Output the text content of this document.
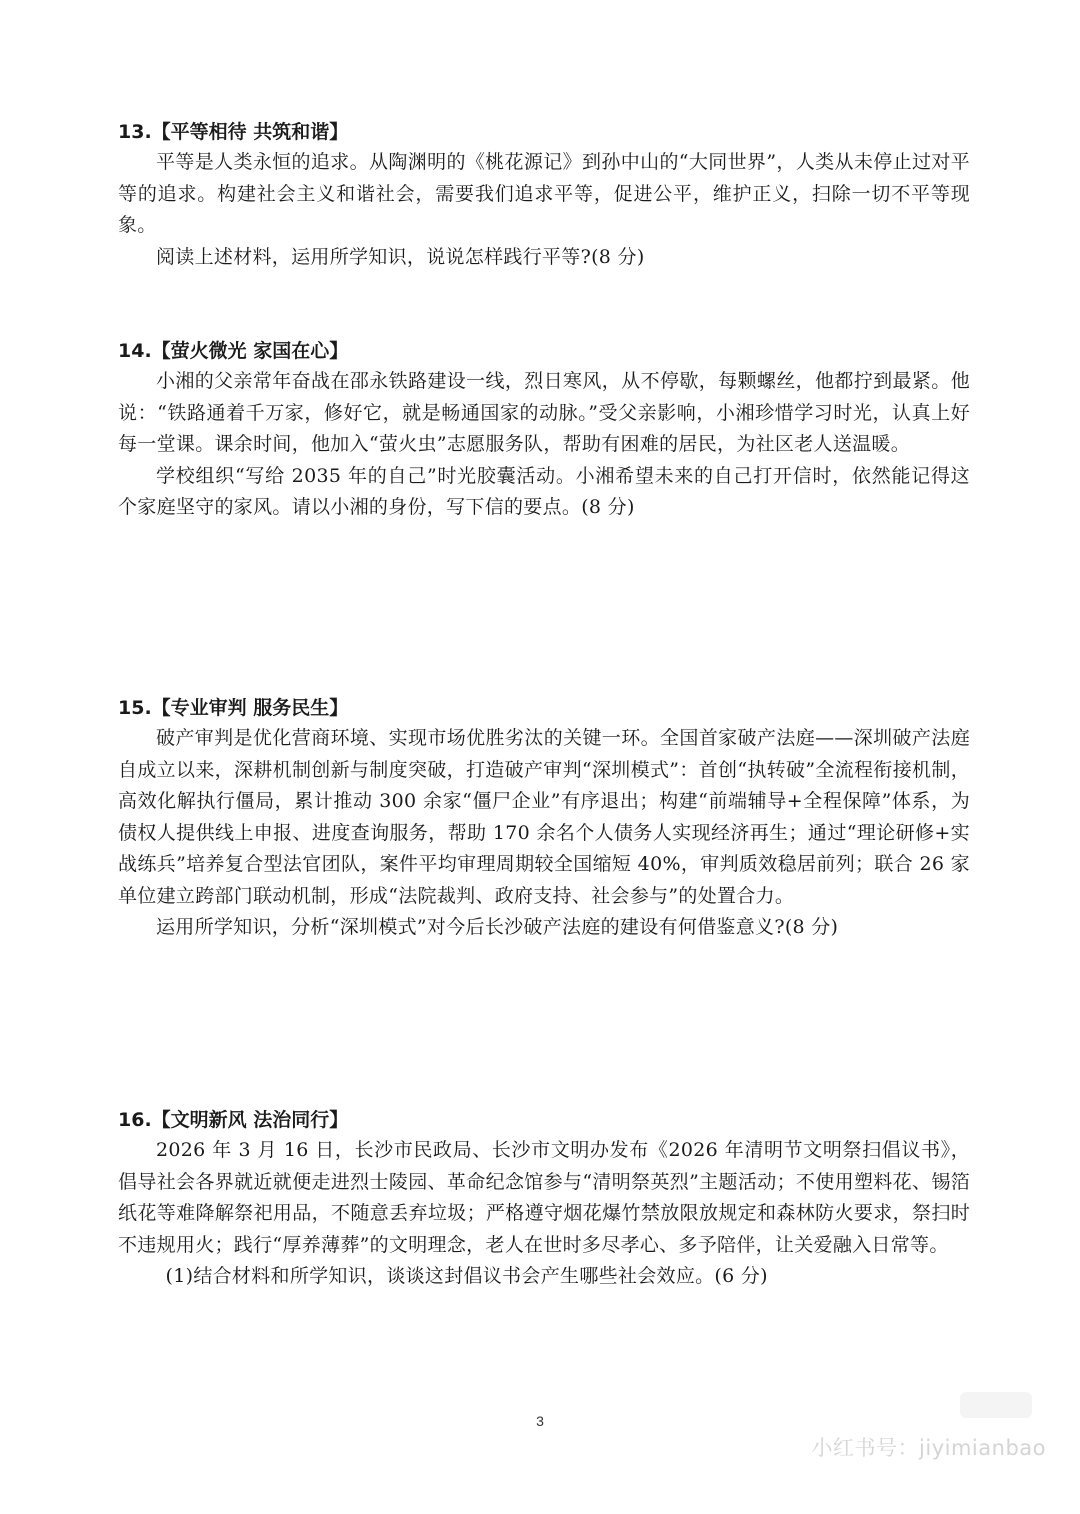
13.【平等相待 共筑和谐】

平等是人类永恒的追求。从陶渊明的《桃花源记》到孙中山的“大同世界”，人类从未停止过对平等的追求。构建社会主义和谐社会，需要我们追求平等，促进公平，维护正义，扫除一切不平等现象。

阅读上述材料，运用所学知识，说说怎样践行平等?(8 分)

14.【萤火微光 家国在心】

小湘的父亲常年奋战在邵永铁路建设一线，烈日寒风，从不停歇，每颗螺丝，他都拧到最紧。他说：“铁路通着千万家，修好它，就是畅通国家的动脉。”受父亲影响，小湘珍惜学习时光，认真上好每一堂课。课余时间，他加入“萤火虫”志愿服务队，帮助有困难的居民，为社区老人送温暖。

学校组织“写给 2035 年的自己”时光胶囊活动。小湘希望未来的自己打开信时，依然能记得这个家庭坚守的家风。请以小湘的身份，写下信的要点。(8 分)

15.【专业审判 服务民生】

破产审判是优化营商环境、实现市场优胜劣汰的关键一环。全国首家破产法庭——深圳破产法庭自成立以来，深耕机制创新与制度突破，打造破产审判“深圳模式”：首创“执转破”全流程衔接机制，高效化解执行僵局，累计推动 300 余家“僵尸企业”有序退出；构建“前端辅导+全程保障”体系，为债权人提供线上申报、进度查询服务，帮助 170 余名个人债务人实现经济再生；通过“理论研修+实战练兵”培养复合型法官团队，案件平均审理周期较全国缩短 40%，审判质效稳居前列；联合 26 家单位建立跨部门联动机制，形成“法院裁判、政府支持、社会参与”的处置合力。

运用所学知识，分析“深圳模式”对今后长沙破产法庭的建设有何借鉴意义?(8 分)

16.【文明新风 法治同行】

2026 年 3 月 16 日，长沙市民政局、长沙市文明办发布《2026 年清明节文明祭扫倡议书》，倡导社会各界就近就便走进烈士陵园、革命纪念馆参与“清明祭英烈”主题活动；不使用塑料花、锡箔纸花等难降解祭祀用品，不随意丢弃垃圾；严格遵守烟花爆竹禁放限放规定和森林防火要求，祭扫时不违规用火；践行“厚养薄葬”的文明理念，老人在世时多尽孝心、多予陪伴，让关爱融入日常等。

(1)结合材料和所学知识，谈谈这封倡议书会产生哪些社会效应。(6 分)

3
小红书号：jiyimianbao
